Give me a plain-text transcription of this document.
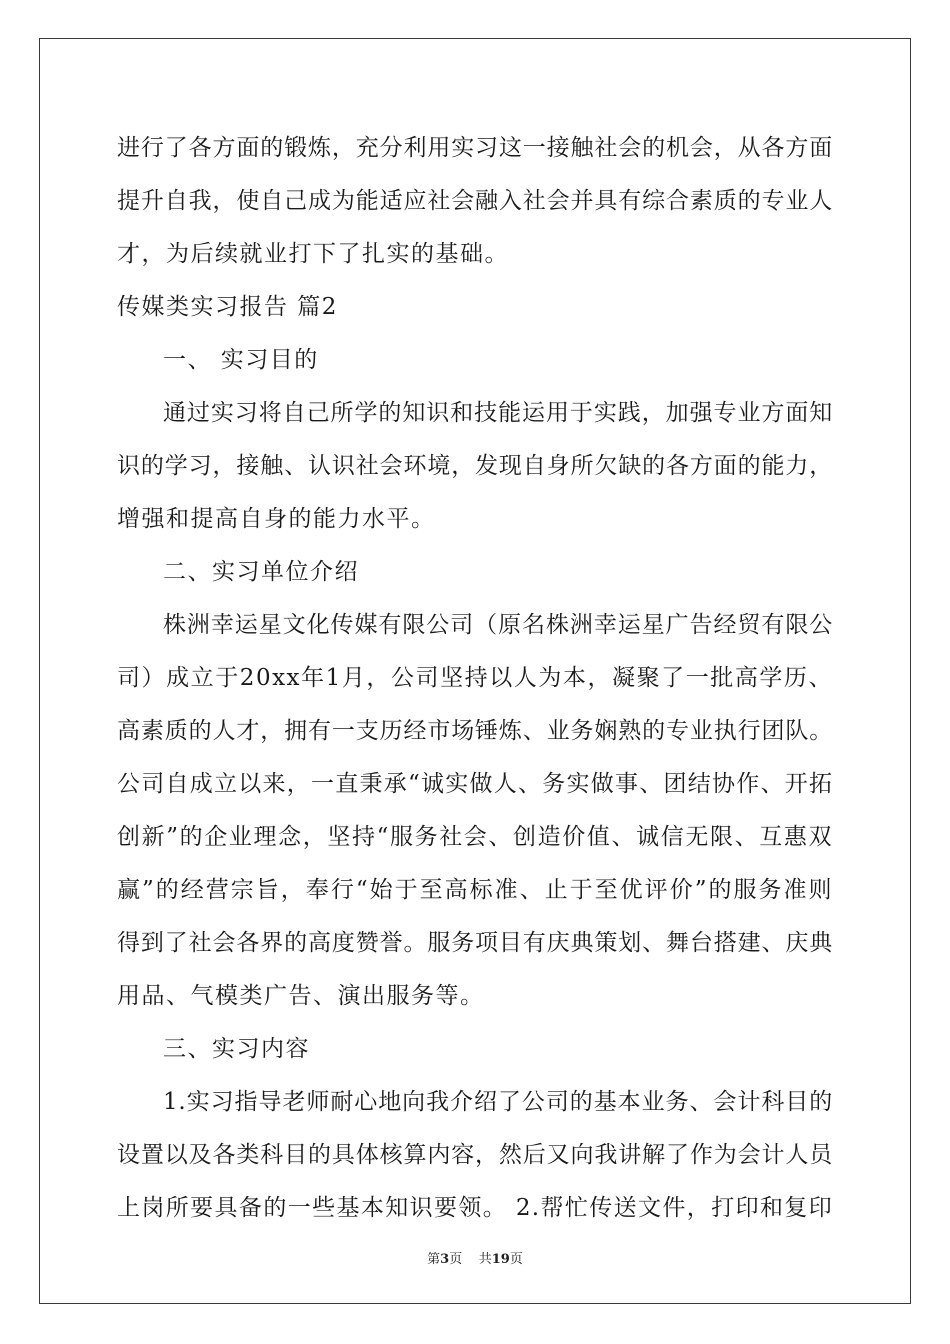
进行了各方面的锻炼，充分利用实习这一接触社会的机会，从各方面
提升自我，使自己成为能适应社会融入社会并具有综合素质的专业人
才，为后续就业打下了扎实的基础。
传媒类实习报告 篇2
一、 实习目的
通过实习将自己所学的知识和技能运用于实践，加强专业方面知
识的学习，接触、认识社会环境，发现自身所欠缺的各方面的能力，
增强和提高自身的能力水平。
二、实习单位介绍
株洲幸运星文化传媒有限公司（原名株洲幸运星广告经贸有限公
司）成立于20xx年1月，公司坚持以人为本，凝聚了一批高学历、
高素质的人才，拥有一支历经市场锤炼、业务娴熟的专业执行团队。
公司自成立以来，一直秉承“诚实做人、务实做事、团结协作、开拓
创新”的企业理念，坚持“服务社会、创造价值、诚信无限、互惠双
赢”的经营宗旨，奉行“始于至高标准、止于至优评价”的服务准则
得到了社会各界的高度赞誉。服务项目有庆典策划、舞台搭建、庆典
用品、气模类广告、演出服务等。
三、实习内容
1.实习指导老师耐心地向我介绍了公司的基本业务、会计科目的
设置以及各类科目的具体核算内容，然后又向我讲解了作为会计人员
上岗所要具备的一些基本知识要领。 2.帮忙传送文件，打印和复印
第3页 共19页
